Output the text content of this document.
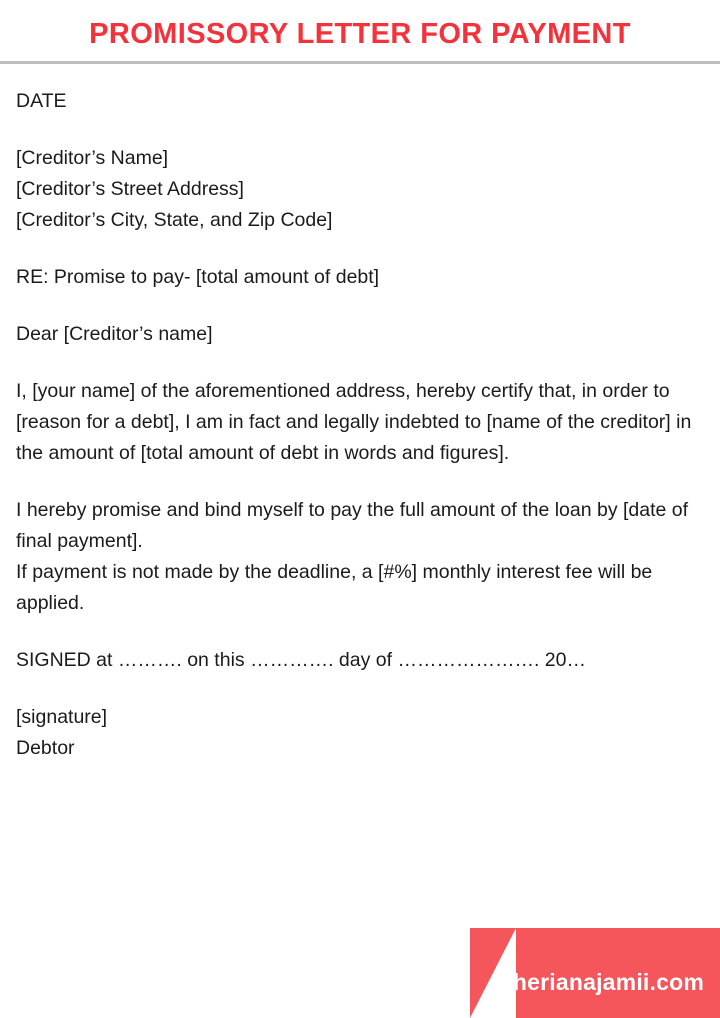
PROMISSORY LETTER FOR PAYMENT

DATE

[Creditor’s Name]

[Creditor’s Street Address]

[Creditor’s City, State, and Zip Code]

RE: Promise to pay- [total amount of debt]

Dear [Creditor’s name]

I, [your name] of the aforementioned address, hereby certify that, in order to [reason for a debt], I am in fact and legally indebted to [name of the creditor] in the amount of [total amount of debt in words and figures].

I hereby promise and bind myself to pay the full amount of the loan by [date of final payment].

If payment is not made by the deadline, a [#%] monthly interest fee will be applied.

SIGNED at ………. on this …………. day of …………………. 20…

[signature]

Debtor

sherianajamii.com
